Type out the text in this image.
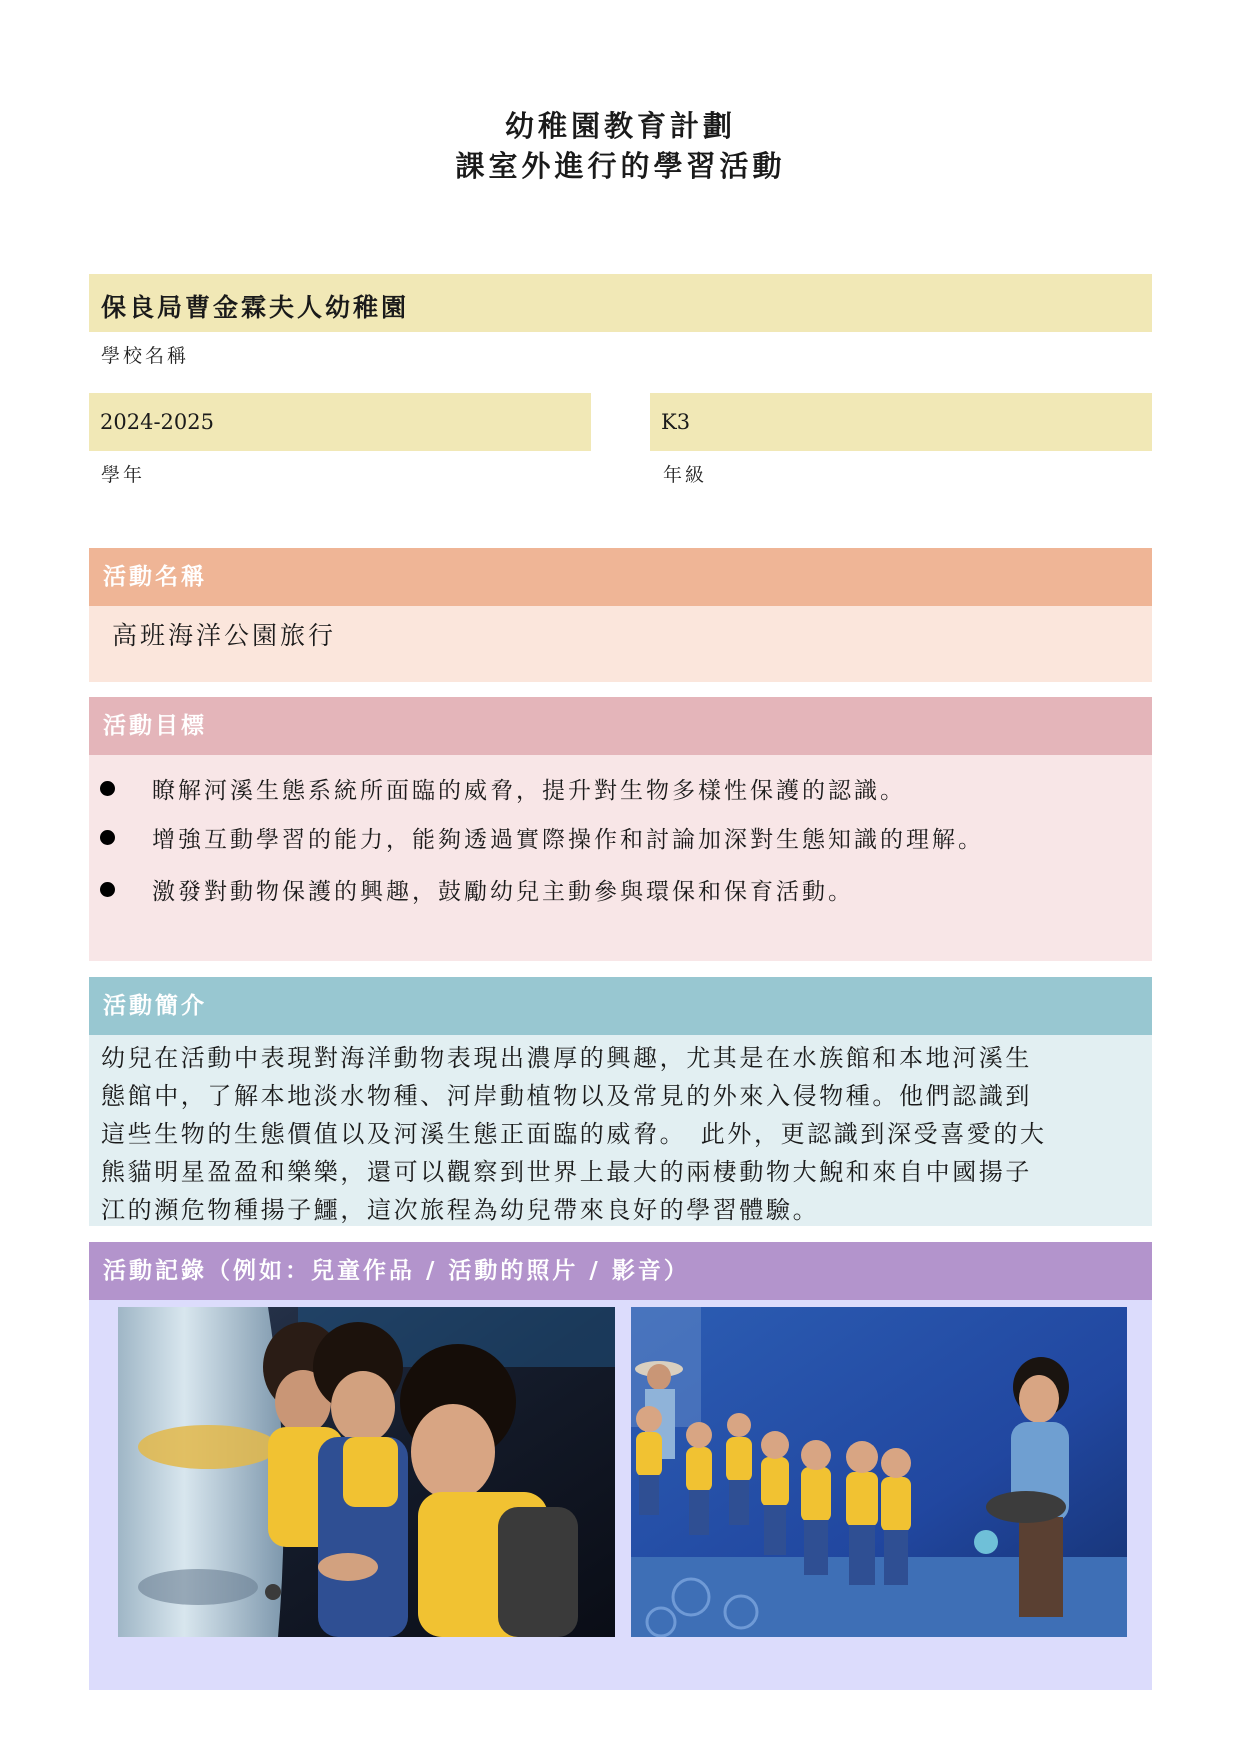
幼稚園教育計劃
課室外進行的學習活動
保良局曹金霖夫人幼稚園
學校名稱
2024-2025
學年
K3
年級
活動名稱
高班海洋公園旅行
活動目標
瞭解河溪生態系統所面臨的威脅，提升對生物多樣性保護的認識。
增強互動學習的能力，能夠透過實際操作和討論加深對生態知識的理解。
激發對動物保護的興趣，鼓勵幼兒主動參與環保和保育活動。
活動簡介
幼兒在活動中表現對海洋動物表現出濃厚的興趣，尤其是在水族館和本地河溪生
態館中，了解本地淡水物種、河岸動植物以及常見的外來入侵物種。他們認識到
這些生物的生態價值以及河溪生態正面臨的威脅。　此外，更認識到深受喜愛的大
熊貓明星盈盈和樂樂，還可以觀察到世界上最大的兩棲動物大鯢和來自中國揚子
江的瀕危物種揚子鱷，這次旅程為幼兒帶來良好的學習體驗。
活動記錄（例如：兒童作品 / 活動的照片 / 影音）
